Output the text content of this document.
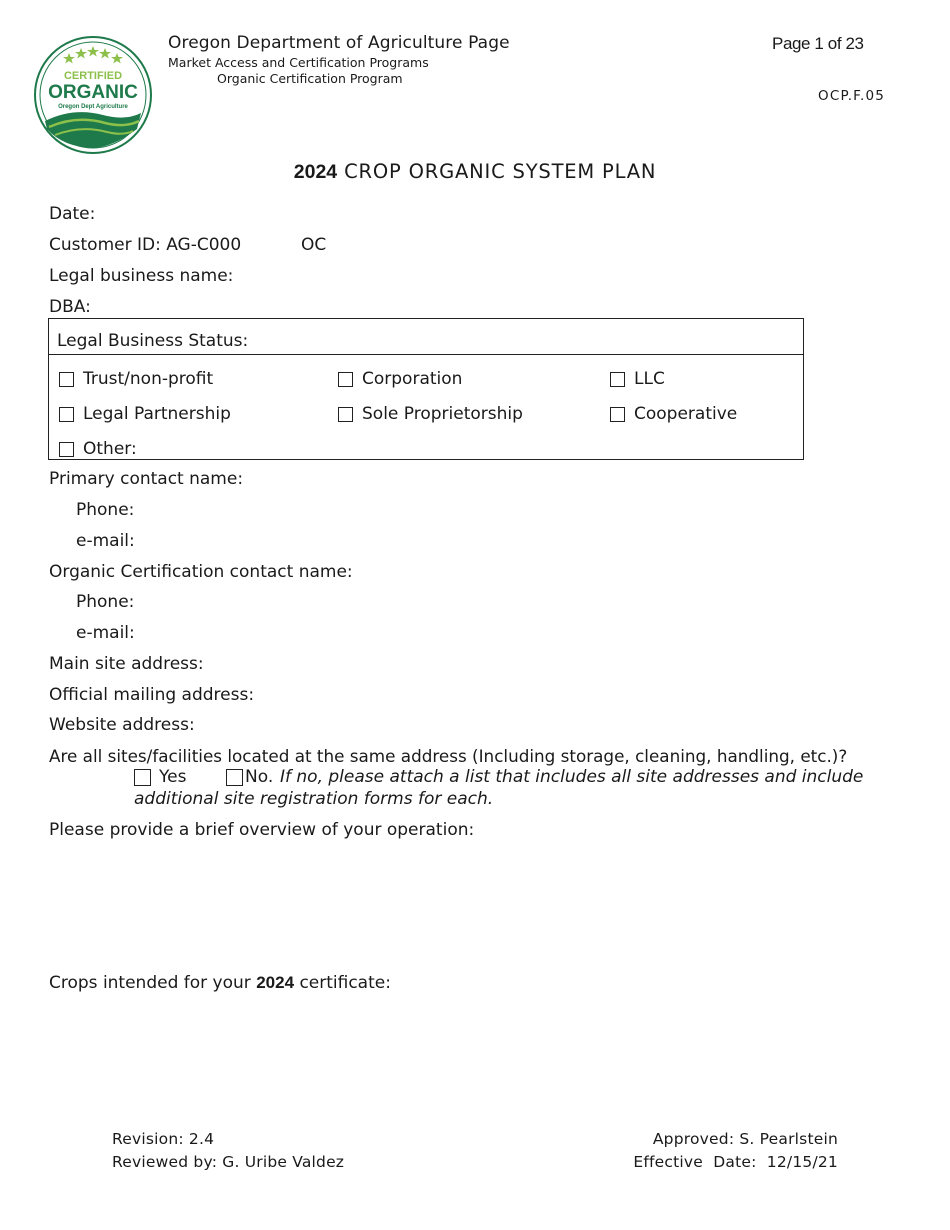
CERTIFIED
ORGANIC
Oregon Dept Agriculture
Oregon Department of Agriculture Page
Market Access and Certification Programs
Organic Certification Program
Page 1 of 23
OCP.F.05
2024 CROP ORGANIC SYSTEM PLAN
Date:
Customer ID: AG-C000	OC
Legal business name:
DBA:
Legal Business Status:
Trust/non-profit	Corporation	LLC
Legal Partnership	Sole Proprietorship	Cooperative
Other:
Primary contact name:
Phone:
e-mail:
Organic Certification contact name:
Phone:
e-mail:
Main site address:
Official mailing address:
Website address:
Are all sites/facilities located at the same address (Including storage, cleaning, handling, etc.)?
Yes	No. If no, please attach a list that includes all site addresses and include
additional site registration forms for each.
Please provide a brief overview of your operation:
Crops intended for your 2024 certificate:
Revision: 2.4
Reviewed by: G. Uribe Valdez
Approved: S. Pearlstein
Effective  Date:  12/15/21
